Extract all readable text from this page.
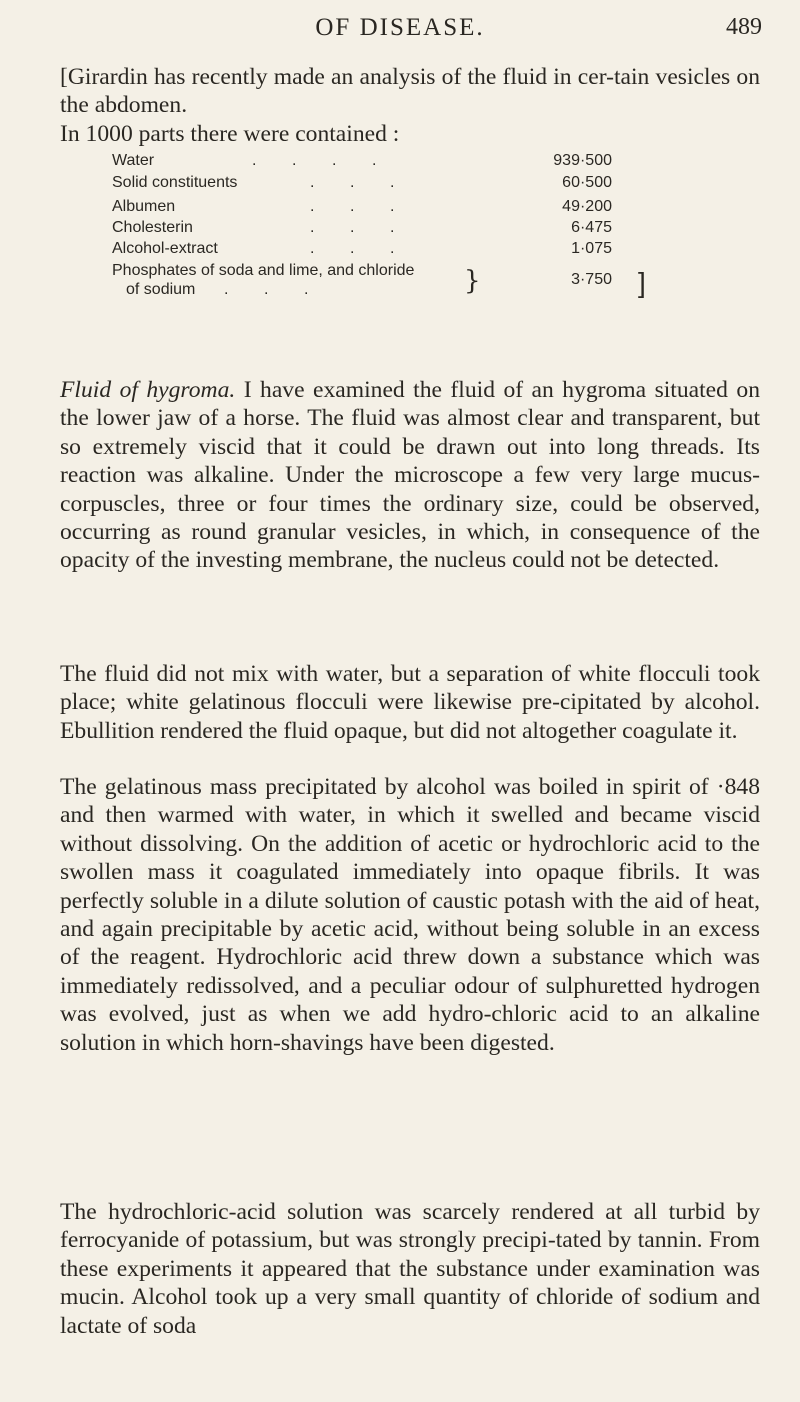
OF DISEASE.	489

[Girardin has recently made an analysis of the fluid in cer-tain vesicles on the abdomen.

In 1000 parts there were contained :

Water	.        .        .        .	939·500
Solid constituents	.        .        .	60·500
Albumen	.        .        .	49·200
Cholesterin	.        .        .	6·475
Alcohol-extract	.        .        .	1·075
Phosphates of soda and lime, and chloride
of sodium .        .        .	}	3·750 ]

Fluid of hygroma. I have examined the fluid of an hygroma situated on the lower jaw of a horse. The fluid was almost clear and transparent, but so extremely viscid that it could be drawn out into long threads. Its reaction was alkaline. Under the microscope a few very large mucus-corpuscles, three or four times the ordinary size, could be observed, occurring as round granular vesicles, in which, in consequence of the opacity of the investing membrane, the nucleus could not be detected.

The fluid did not mix with water, but a separation of white flocculi took place; white gelatinous flocculi were likewise pre-cipitated by alcohol. Ebullition rendered the fluid opaque, but did not altogether coagulate it.

The gelatinous mass precipitated by alcohol was boiled in spirit of ·848 and then warmed with water, in which it swelled and became viscid without dissolving. On the addition of acetic or hydrochloric acid to the swollen mass it coagulated immediately into opaque fibrils. It was perfectly soluble in a dilute solution of caustic potash with the aid of heat, and again precipitable by acetic acid, without being soluble in an excess of the reagent. Hydrochloric acid threw down a substance which was immediately redissolved, and a peculiar odour of sulphuretted hydrogen was evolved, just as when we add hydro-chloric acid to an alkaline solution in which horn-shavings have been digested.

The hydrochloric-acid solution was scarcely rendered at all turbid by ferrocyanide of potassium, but was strongly precipi-tated by tannin. From these experiments it appeared that the substance under examination was mucin. Alcohol took up a very small quantity of chloride of sodium and lactate of soda
